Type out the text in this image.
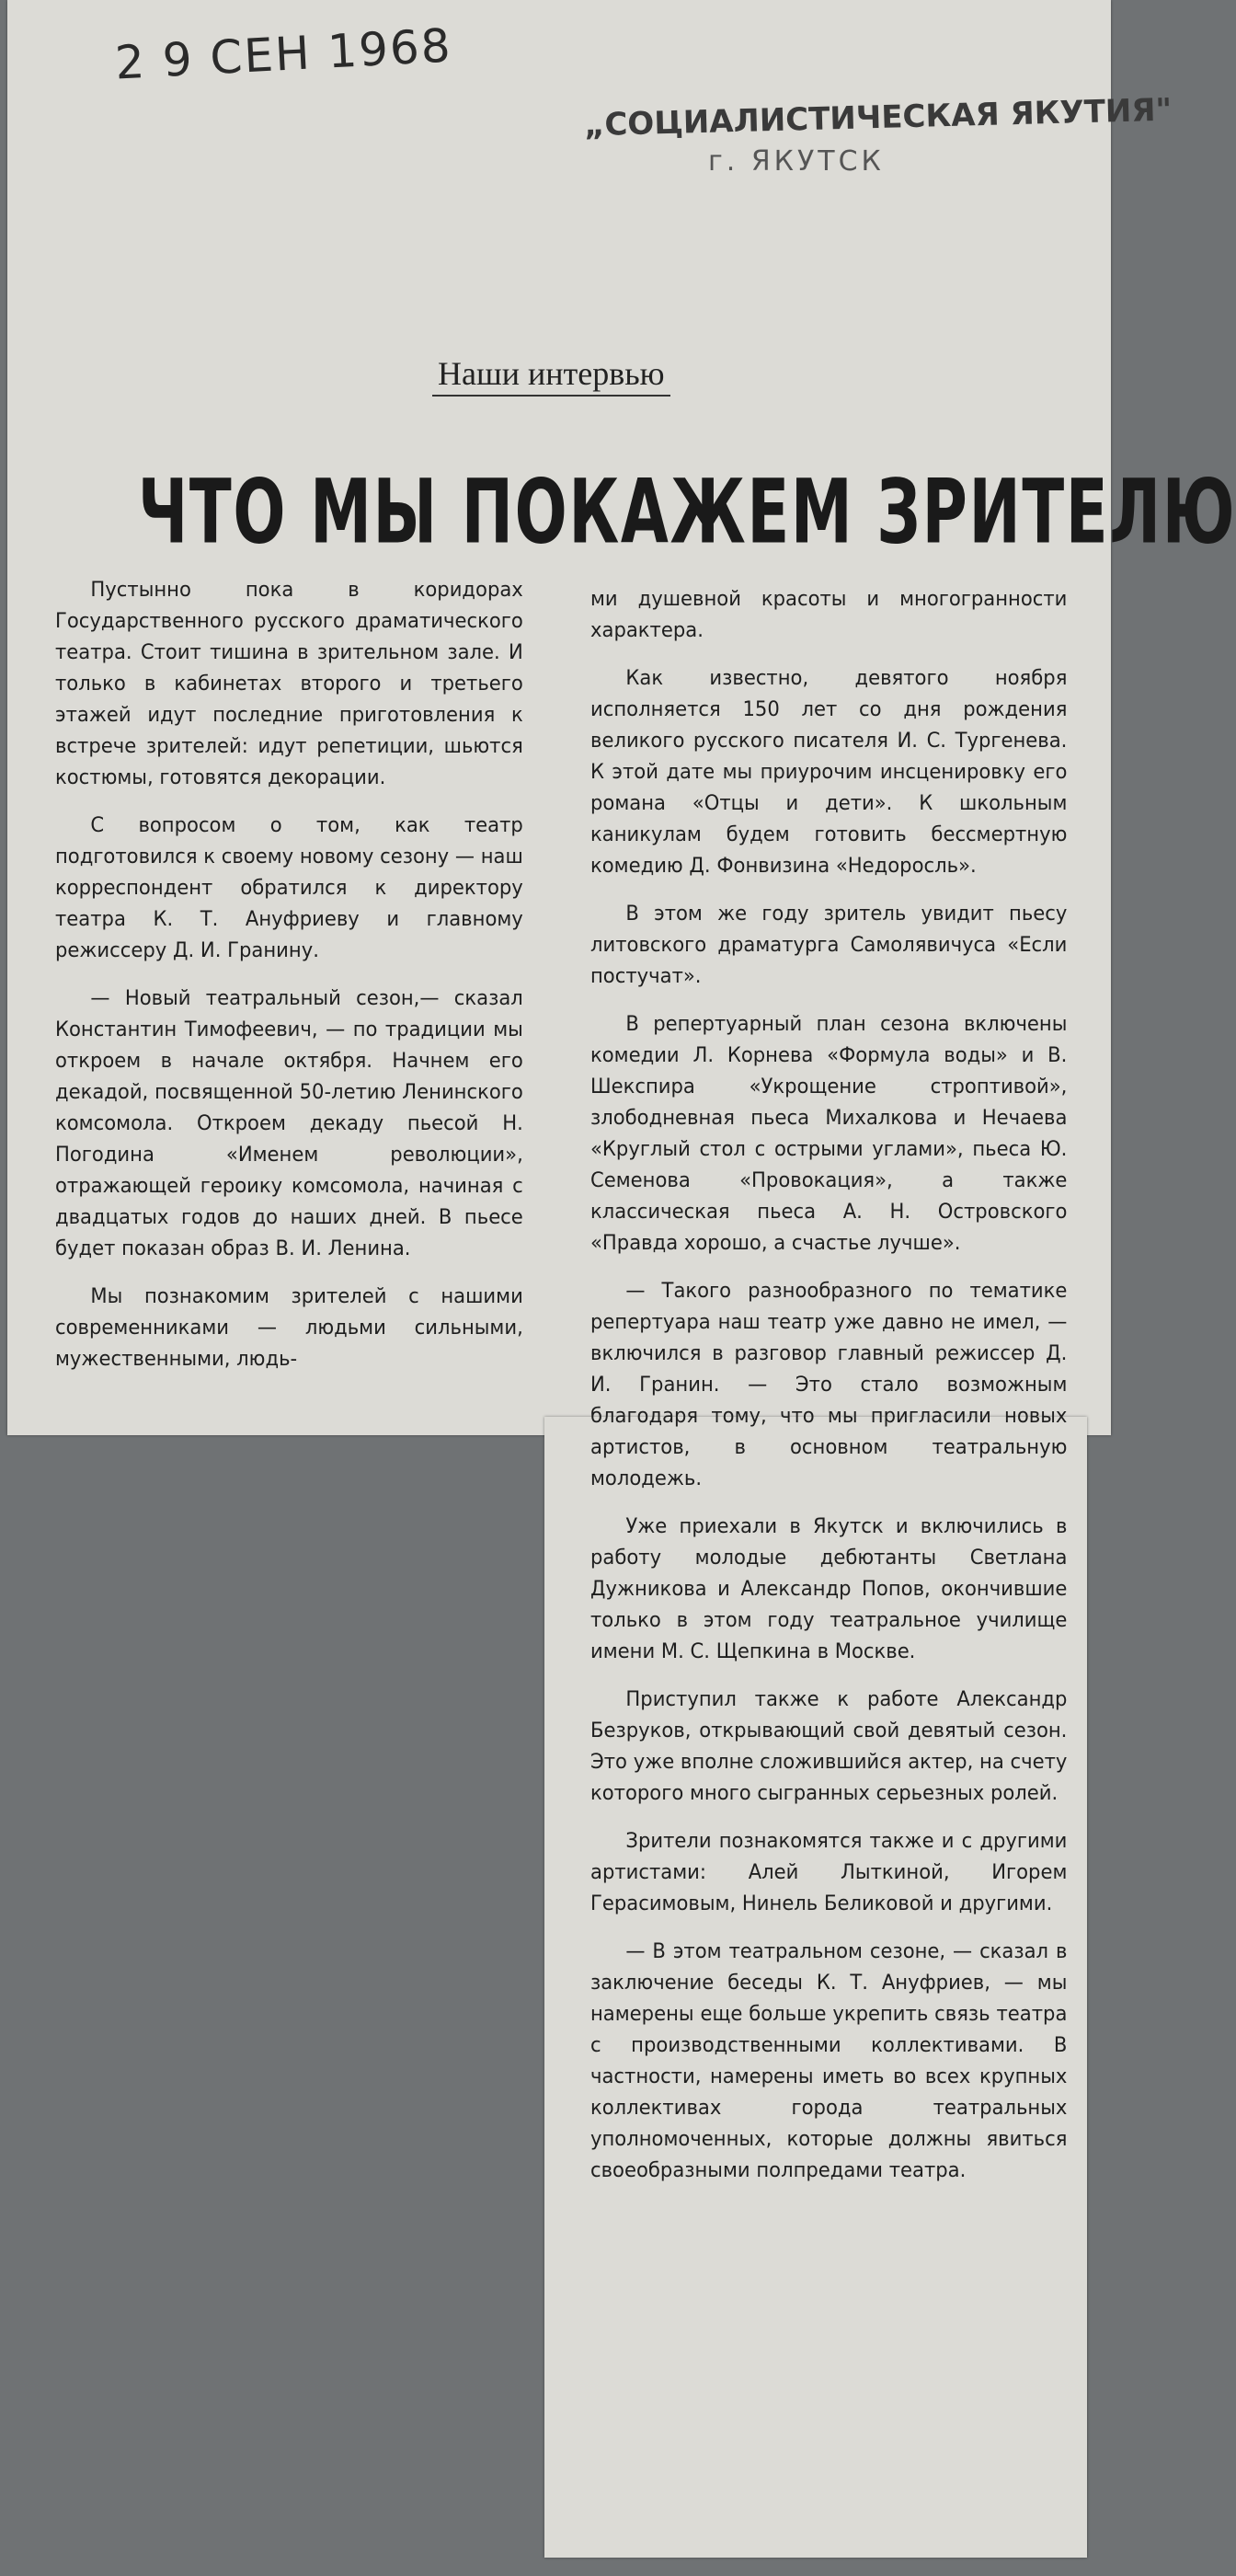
2 9 СЕН 1968
„СОЦИАЛИСТИЧЕСКАЯ ЯКУТИЯ"
г. ЯКУТСК
Наши интервью
ЧТО МЫ ПОКАЖЕМ ЗРИТЕЛЮ

Пустынно пока в коридорах Государственного русского драматического театра. Стоит тишина в зрительном зале. И только в кабинетах второго и третьего этажей идут последние приготовления к встрече зрителей: идут репетиции, шьются костюмы, готовятся декорации.

С вопросом о том, как театр подготовился к своему новому сезону — наш корреспондент обратился к директору театра К. Т. Ануфриеву и главному режиссеру Д. И. Гранину.

— Новый театральный сезон,— сказал Константин Тимофеевич, — по традиции мы откроем в начале октября. Начнем его декадой, посвященной 50-летию Ленинского комсомола. Откроем декаду пьесой Н. Погодина «Именем революции», отражающей героику комсомола, начиная с двадцатых годов до наших дней. В пьесе будет показан образ В. И. Ленина.

Мы познакомим зрителей с нашими современниками — людьми сильными, мужественными, людь-

ми душевной красоты и многогранности характера.

Как известно, девятого ноября исполняется 150 лет со дня рождения великого русского писателя И. С. Тургенева. К этой дате мы приурочим инсценировку его романа «Отцы и дети». К школьным каникулам будем готовить бессмертную комедию Д. Фонвизина «Недоросль».

В этом же году зритель увидит пьесу литовского драматурга Самолявичуса «Если постучат».

В репертуарный план сезона включены комедии Л. Корнева «Формула воды» и В. Шекспира «Укрощение строптивой», злободневная пьеса Михалкова и Нечаева «Круглый стол с острыми углами», пьеса Ю. Семенова «Провокация», а также классическая пьеса А. Н. Островского «Правда хорошо, а счастье лучше».

— Такого разнообразного по тематике репертуара наш театр уже давно не имел, — включился в разговор главный режиссер Д. И. Гранин. — Это стало возможным благодаря тому, что мы пригласили новых артистов, в основном театральную молодежь.

Уже приехали в Якутск и включились в работу молодые дебютанты Светлана Дужникова и Александр Попов, окончившие только в этом году театральное училище имени М. С. Щепкина в Москве.

Приступил также к работе Александр Безруков, открывающий свой девятый сезон. Это уже вполне сложившийся актер, на счету которого много сыгранных серьезных ролей.

Зрители познакомятся также и с другими артистами: Алей Лыткиной, Игорем Герасимовым, Нинель Беликовой и другими.

— В этом театральном сезоне, — сказал в заключение беседы К. Т. Ануфриев, — мы намерены еще больше укрепить связь театра с производственными коллективами. В частности, намерены иметь во всех крупных коллективах города театральных уполномоченных, которые должны явиться своеобразными полпредами театра.
